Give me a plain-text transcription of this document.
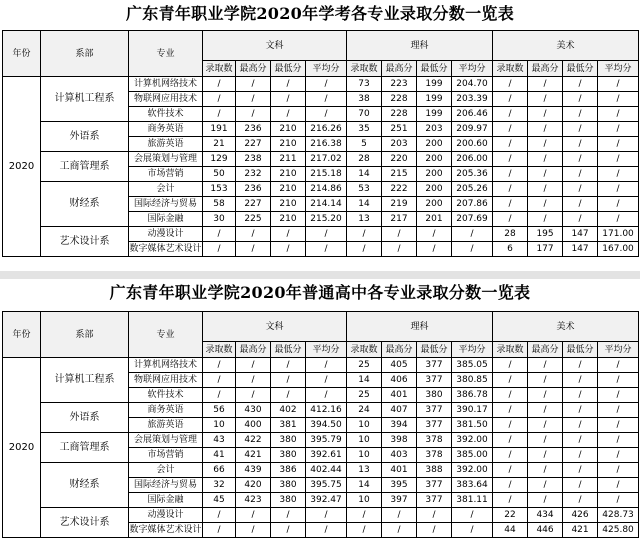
广东青年职业学院2020年学考各专业录取分数一览表
年份	系部	专业	文科				理科				美术			
			录取数	最高分	最低分	平均分	录取数	最高分	最低分	平均分	录取数	最高分	最低分	平均分
2020	计算机工程系	计算机网络技术	/	/	/	/	73	223	199	204.70	/	/	/	/
		物联网应用技术	/	/	/	/	38	228	199	203.39	/	/	/	/
		软件技术	/	/	/	/	70	228	199	206.46	/	/	/	/
	外语系	商务英语	191	236	210	216.26	35	251	203	209.97	/	/	/	/
		旅游英语	21	227	210	216.38	5	203	200	200.60	/	/	/	/
	工商管理系	会展策划与管理	129	238	211	217.02	28	220	200	206.00	/	/	/	/
		市场营销	50	232	210	215.18	14	215	200	205.36	/	/	/	/
	财经系	会计	153	236	210	214.86	53	222	200	205.26	/	/	/	/
		国际经济与贸易	58	227	210	214.14	14	219	200	207.86	/	/	/	/
		国际金融	30	225	210	215.20	13	217	201	207.69	/	/	/	/
	艺术设计系	动漫设计	/	/	/	/	/	/	/	/	28	195	147	171.00
		数字媒体艺术设计	/	/	/	/	/	/	/	/	6	177	147	167.00
广东青年职业学院2020年普通高中各专业录取分数一览表
年份	系部	专业	文科				理科				美术			
			录取数	最高分	最低分	平均分	录取数	最高分	最低分	平均分	录取数	最高分	最低分	平均分
2020	计算机工程系	计算机网络技术	/	/	/	/	25	405	377	385.05	/	/	/	/
		物联网应用技术	/	/	/	/	14	406	377	380.85	/	/	/	/
		软件技术	/	/	/	/	25	401	380	386.78	/	/	/	/
	外语系	商务英语	56	430	402	412.16	24	407	377	390.17	/	/	/	/
		旅游英语	10	400	381	394.50	10	394	377	381.50	/	/	/	/
	工商管理系	会展策划与管理	43	422	380	395.79	10	398	378	392.00	/	/	/	/
		市场营销	41	421	380	392.61	10	403	378	385.00	/	/	/	/
	财经系	会计	66	439	386	402.44	13	401	388	392.00	/	/	/	/
		国际经济与贸易	32	420	380	395.75	14	395	377	383.64	/	/	/	/
		国际金融	45	423	380	392.47	10	397	377	381.11	/	/	/	/
	艺术设计系	动漫设计	/	/	/	/	/	/	/	/	22	434	426	428.73
		数字媒体艺术设计	/	/	/	/	/	/	/	/	44	446	421	425.80
